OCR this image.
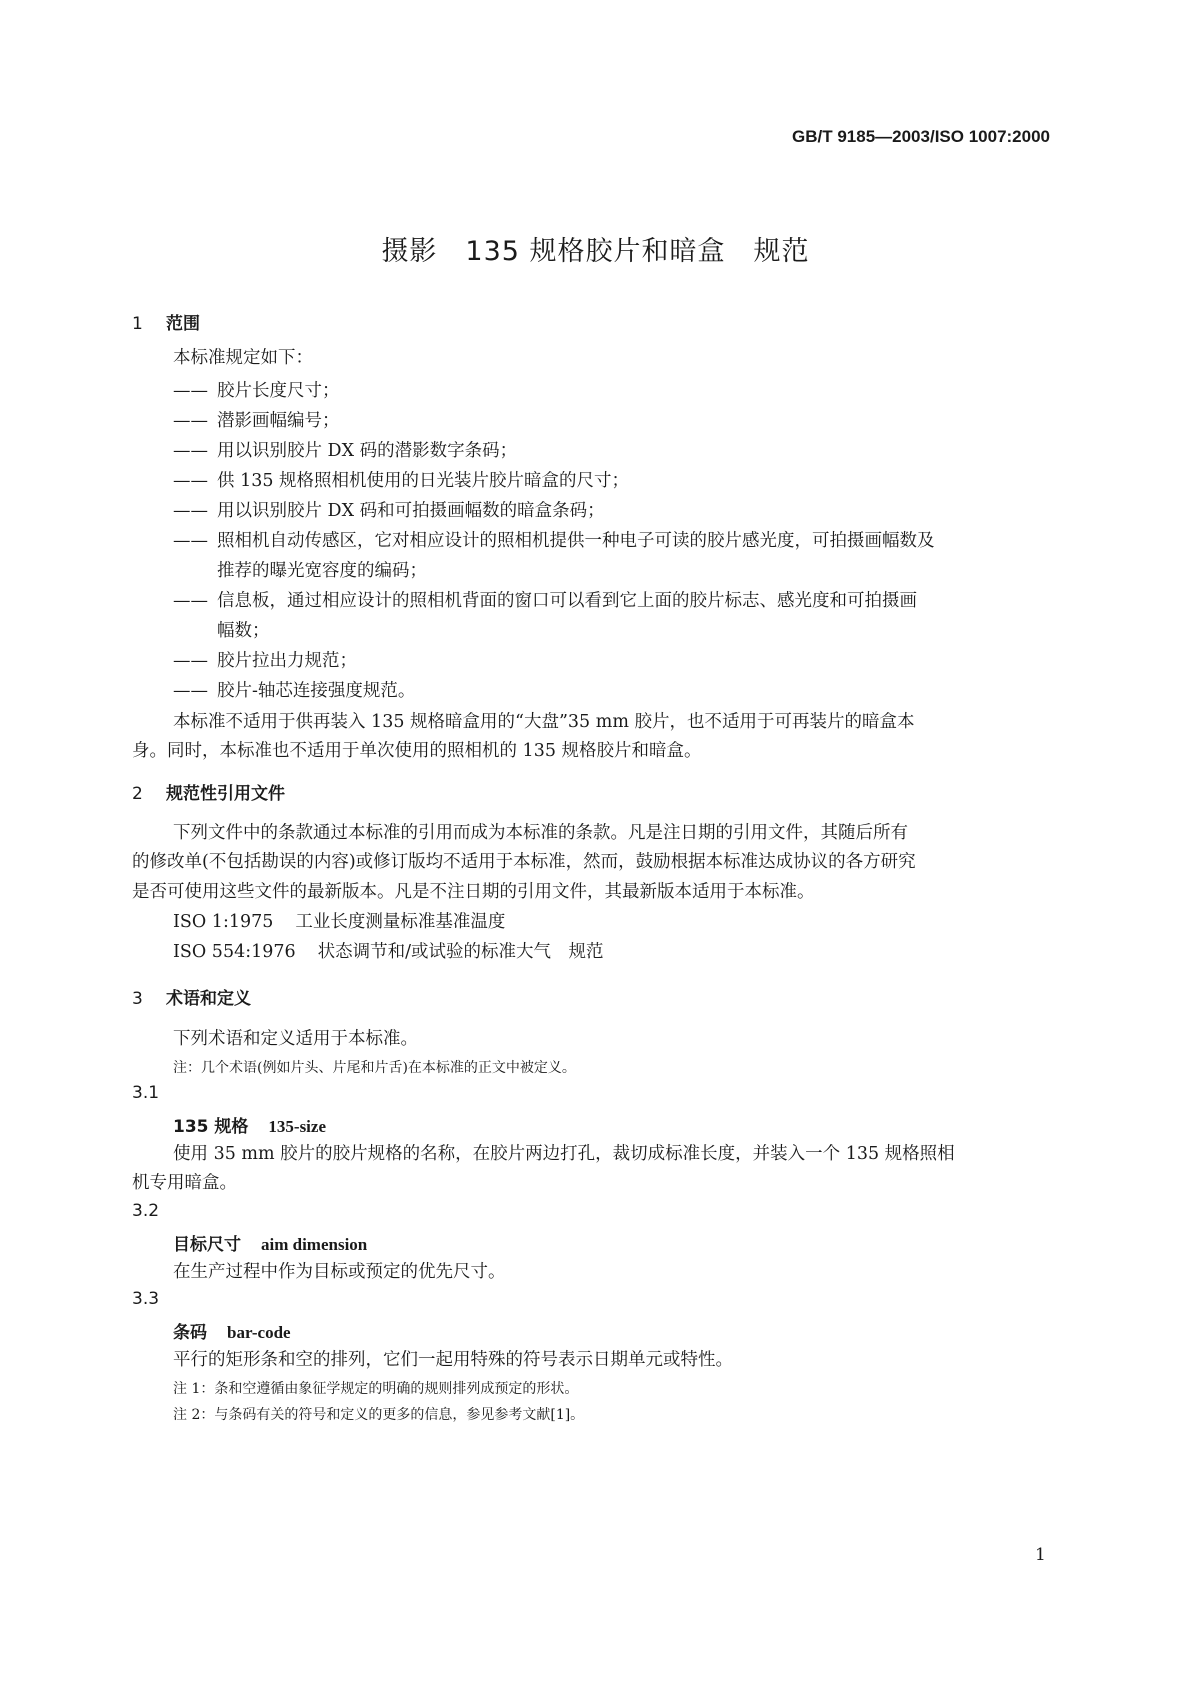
GB/T 9185—2003/ISO 1007:2000
摄影　135 规格胶片和暗盒　规范
1 范围
本标准规定如下：
—— 胶片长度尺寸；
—— 潜影画幅编号；
—— 用以识别胶片 DX 码的潜影数字条码；
—— 供 135 规格照相机使用的日光装片胶片暗盒的尺寸；
—— 用以识别胶片 DX 码和可拍摄画幅数的暗盒条码；
—— 照相机自动传感区，它对相应设计的照相机提供一种电子可读的胶片感光度，可拍摄画幅数及
推荐的曝光宽容度的编码；
—— 信息板，通过相应设计的照相机背面的窗口可以看到它上面的胶片标志、感光度和可拍摄画
幅数；
—— 胶片拉出力规范；
—— 胶片-轴芯连接强度规范。
本标准不适用于供再装入 135 规格暗盒用的“大盘”35 mm 胶片，也不适用于可再装片的暗盒本
身。同时，本标准也不适用于单次使用的照相机的 135 规格胶片和暗盒。
2 规范性引用文件
下列文件中的条款通过本标准的引用而成为本标准的条款。凡是注日期的引用文件，其随后所有
的修改单(不包括勘误的内容)或修订版均不适用于本标准，然而，鼓励根据本标准达成协议的各方研究
是否可使用这些文件的最新版本。凡是不注日期的引用文件，其最新版本适用于本标准。
ISO 1:1975 工业长度测量标准基准温度
ISO 554:1976 状态调节和/或试验的标准大气　规范
3 术语和定义
下列术语和定义适用于本标准。
注：几个术语(例如片头、片尾和片舌)在本标准的正文中被定义。
3.1
135 规格 135-size
使用 35 mm 胶片的胶片规格的名称，在胶片两边打孔，裁切成标准长度，并装入一个 135 规格照相
机专用暗盒。
3.2
目标尺寸 aim dimension
在生产过程中作为目标或预定的优先尺寸。
3.3
条码 bar-code
平行的矩形条和空的排列，它们一起用特殊的符号表示日期单元或特性。
注 1：条和空遵循由象征学规定的明确的规则排列成预定的形状。
注 2：与条码有关的符号和定义的更多的信息，参见参考文献[1]。
1
